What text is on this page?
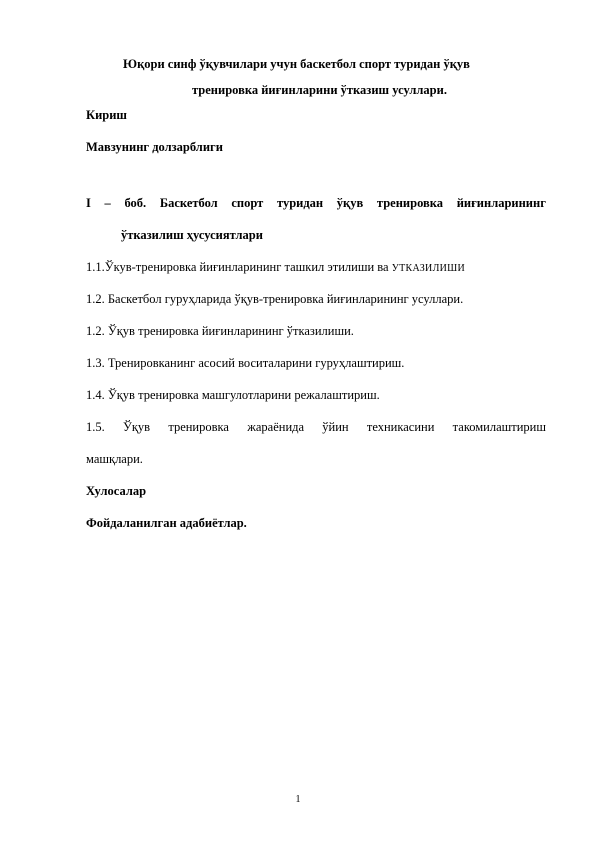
Юқори синф ўқувчилари учун баскетбол спорт туридан ўқув
тренировка йиғинларини ўтказиш усуллари.
Кириш
Мавзунинг долзарблиги
I – боб. Баскетбол спорт туридан ўқув тренировка йиғинларининг
ўтказилиш ҳусусиятлари
1.1.Ўкув-тренировка йиғинларининг ташкил этилиши ва УТКАЗИЛИШИ
1.2. Баскетбол гуруҳларида ўқув-тренировка йиғинларининг усуллари.
1.2. Ўқув тренировка йиғинларининг ўтказилиши.
1.3. Тренировканинг асосий воситаларини гуруҳлаштириш.
1.4. Ўқув тренировка машгулотларини режалаштириш.
1.5. Ўқув тренировка жараёнида ўйин техникасини такомилаштириш
машқлари.
Хулосалар
Фойдаланилган адабиётлар.
1
